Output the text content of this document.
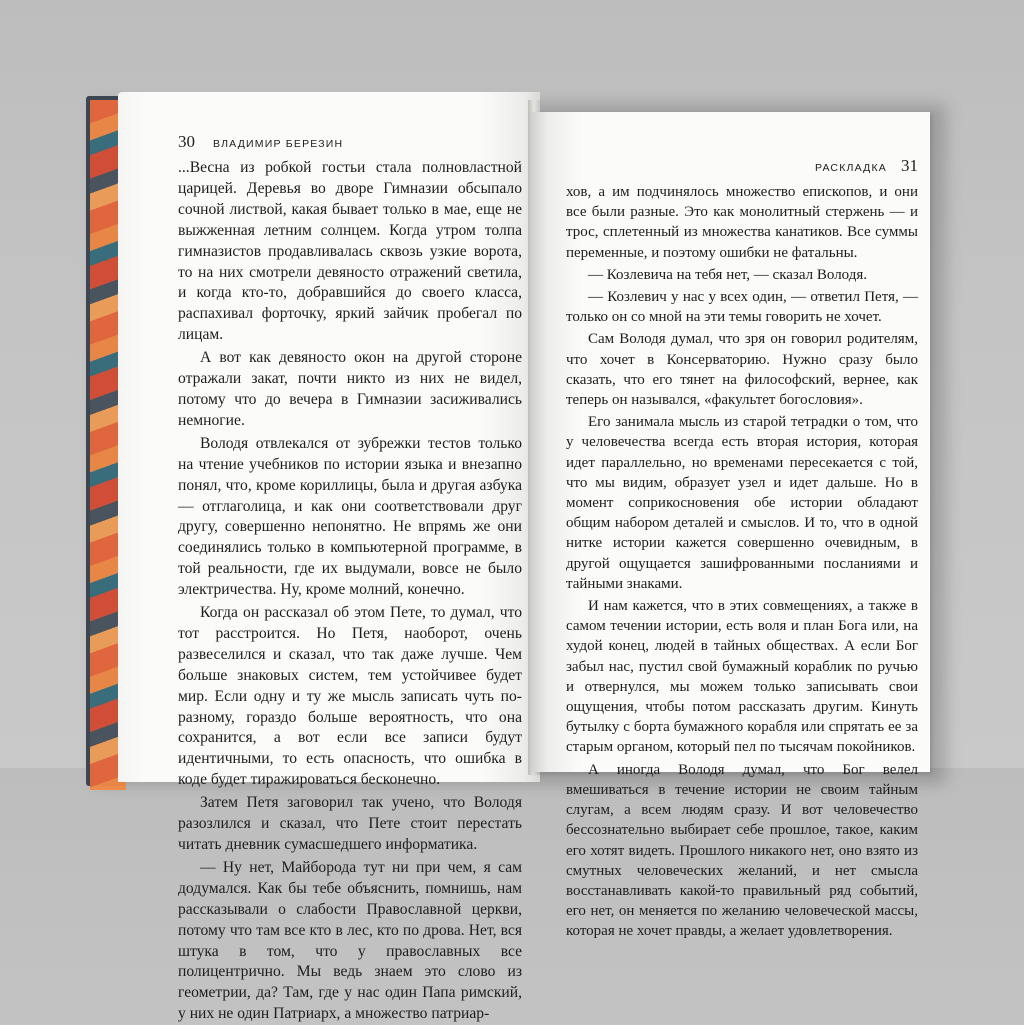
30 ВЛАДИМИР БЕРЕЗИН

...Весна из робкой гостьи стала полновластной царицей. Деревья во дворе Гимназии обсыпало сочной листвой, какая бывает только в мае, еще не выжженная летним солнцем. Когда утром толпа гимназистов продавливалась сквозь узкие ворота, то на них смотрели девяносто отражений светила, и когда кто-то, добравшийся до своего класса, распахивал форточку, яркий зайчик пробегал по лицам.

А вот как девяносто окон на другой стороне отражали закат, почти никто из них не видел, потому что до вечера в Гимназии засиживались немногие.

Володя отвлекался от зубрежки тестов только на чтение учебников по истории языка и внезапно понял, что, кроме кориллицы, была и другая азбука — отглаголица, и как они соответствовали друг другу, совершенно непонятно. Не впрямь же они соединялись только в компьютерной программе, в той реальности, где их выдумали, вовсе не было электричества. Ну, кроме молний, конечно.

Когда он рассказал об этом Пете, то думал, что тот расстроится. Но Петя, наоборот, очень развеселился и сказал, что так даже лучше. Чем больше знаковых систем, тем устойчивее будет мир. Если одну и ту же мысль записать чуть по-разному, гораздо больше вероятность, что она сохранится, а вот если все записи будут идентичными, то есть опасность, что ошибка в коде будет тиражироваться бесконечно.

Затем Петя заговорил так учено, что Володя разозлился и сказал, что Пете стоит перестать читать дневник сумасшедшего информатика.

— Ну нет, Майборода тут ни при чем, я сам додумался. Как бы тебе объяснить, помнишь, нам рассказывали о слабости Православной церкви, потому что там все кто в лес, кто по дрова. Нет, вся штука в том, что у православных все полицентрично. Мы ведь знаем это слово из геометрии, да? Там, где у нас один Папа римский, у них не один Патриарх, а множество патриар-

РАСКЛАДКА 31

хов, а им подчинялось множество епископов, и они все были разные. Это как монолитный стержень — и трос, сплетенный из множества канатиков. Все суммы переменные, и поэтому ошибки не фатальны.

— Козлевича на тебя нет, — сказал Володя.

— Козлевич у нас у всех один, — ответил Петя, — только он со мной на эти темы говорить не хочет.

Сам Володя думал, что зря он говорил родителям, что хочет в Консерваторию. Нужно сразу было сказать, что его тянет на философский, вернее, как теперь он назывался, «факультет богословия».

Его занимала мысль из старой тетрадки о том, что у человечества всегда есть вторая история, которая идет параллельно, но временами пересекается с той, что мы видим, образует узел и идет дальше. Но в момент соприкосновения обе истории обладают общим набором деталей и смыслов. И то, что в одной нитке истории кажется совершенно очевидным, в другой ощущается зашифрованными посланиями и тайными знаками.

И нам кажется, что в этих совмещениях, а также в самом течении истории, есть воля и план Бога или, на худой конец, людей в тайных обществах. А если Бог забыл нас, пустил свой бумажный кораблик по ручью и отвернулся, мы можем только записывать свои ощущения, чтобы потом рассказать другим. Кинуть бутылку с борта бумажного корабля или спрятать ее за старым органом, который пел по тысячам покойников.

А иногда Володя думал, что Бог велел вмешиваться в течение истории не своим тайным слугам, а всем людям сразу. И вот человечество бессознательно выбирает себе прошлое, такое, каким его хотят видеть. Прошлого никакого нет, оно взято из смутных человеческих желаний, и нет смысла восстанавливать какой-то правильный ряд событий, его нет, он меняется по желанию человеческой массы, которая не хочет правды, а желает удовлетворения.
